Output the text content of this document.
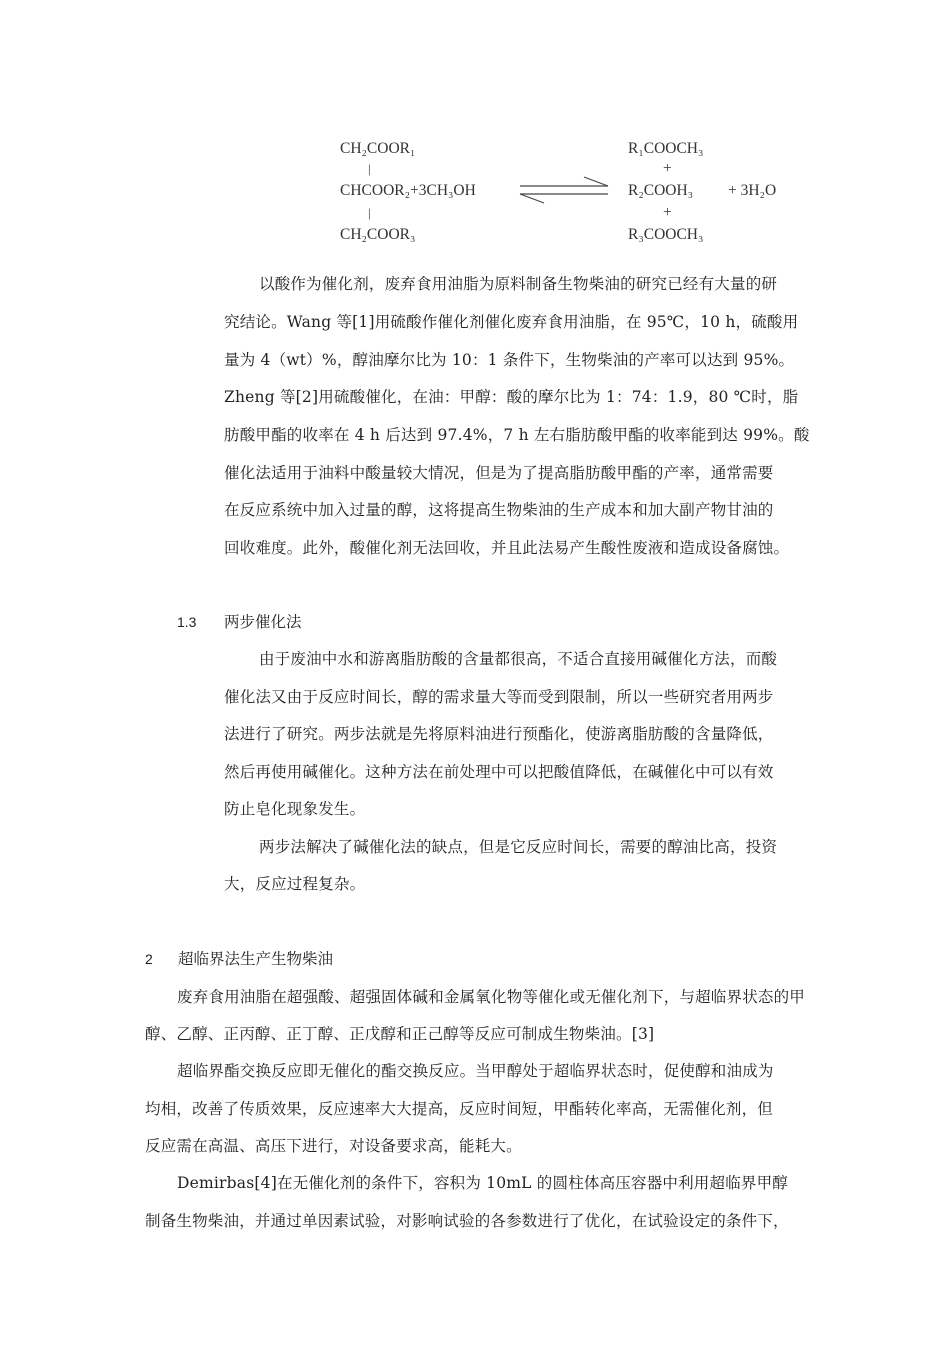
CH₂COOR₁
|
CHCOOR₂+3CH₃OH
|
CH₂COOR₃
R₁COOCH₃
+
R₂COOH₃ + 3H₂O
+
R₃COOCH₃
以酸作为催化剂，废弃食用油脂为原料制备生物柴油的研究已经有大量的研
究结论。Wang 等[1]用硫酸作催化剂催化废弃食用油脂，在 95℃，10 h，硫酸用
量为 4（wt）%，醇油摩尔比为 10：1 条件下，生物柴油的产率可以达到 95%。
Zheng 等[2]用硫酸催化，在油：甲醇：酸的摩尔比为 1：74：1.9，80 ℃时，脂
肪酸甲酯的收率在 4 h 后达到 97.4%，7 h 左右脂肪酸甲酯的收率能到达 99%。酸
催化法适用于油料中酸量较大情况，但是为了提高脂肪酸甲酯的产率，通常需要
在反应系统中加入过量的醇，这将提高生物柴油的生产成本和加大副产物甘油的
回收难度。此外，酸催化剂无法回收，并且此法易产生酸性废液和造成设备腐蚀。
1.3 两步催化法
由于废油中水和游离脂肪酸的含量都很高，不适合直接用碱催化方法，而酸
催化法又由于反应时间长，醇的需求量大等而受到限制，所以一些研究者用两步
法进行了研究。两步法就是先将原料油进行预酯化，使游离脂肪酸的含量降低，
然后再使用碱催化。这种方法在前处理中可以把酸值降低，在碱催化中可以有效
防止皂化现象发生。
两步法解决了碱催化法的缺点，但是它反应时间长，需要的醇油比高，投资
大，反应过程复杂。
2 超临界法生产生物柴油
废弃食用油脂在超强酸、超强固体碱和金属氧化物等催化或无催化剂下，与超临界状态的甲
醇、乙醇、正丙醇、正丁醇、正戊醇和正己醇等反应可制成生物柴油。[3]
超临界酯交换反应即无催化的酯交换反应。当甲醇处于超临界状态时，促使醇和油成为
均相，改善了传质效果，反应速率大大提高，反应时间短，甲酯转化率高，无需催化剂，但
反应需在高温、高压下进行，对设备要求高，能耗大。
Demirbas[4]在无催化剂的条件下，容积为 10mL 的圆柱体高压容器中利用超临界甲醇
制备生物柴油，并通过单因素试验，对影响试验的各参数进行了优化，在试验设定的条件下，
